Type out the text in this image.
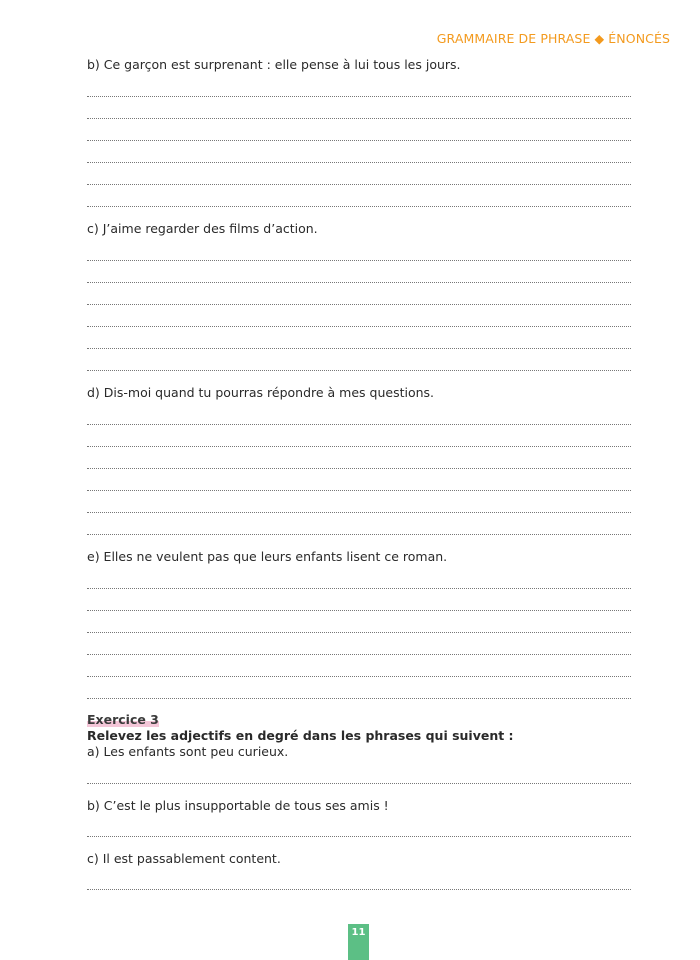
GRAMMAIRE DE PHRASE ◆ ÉNONCÉS
b) Ce garçon est surprenant : elle pense à lui tous les jours.
c) J’aime regarder des films d’action.
d) Dis-moi quand tu pourras répondre à mes questions.
e) Elles ne veulent pas que leurs enfants lisent ce roman.
Exercice 3
Relevez les adjectifs en degré dans les phrases qui suivent :
a) Les enfants sont peu curieux.
b) C’est le plus insupportable de tous ses amis !
c) Il est passablement content.
11
